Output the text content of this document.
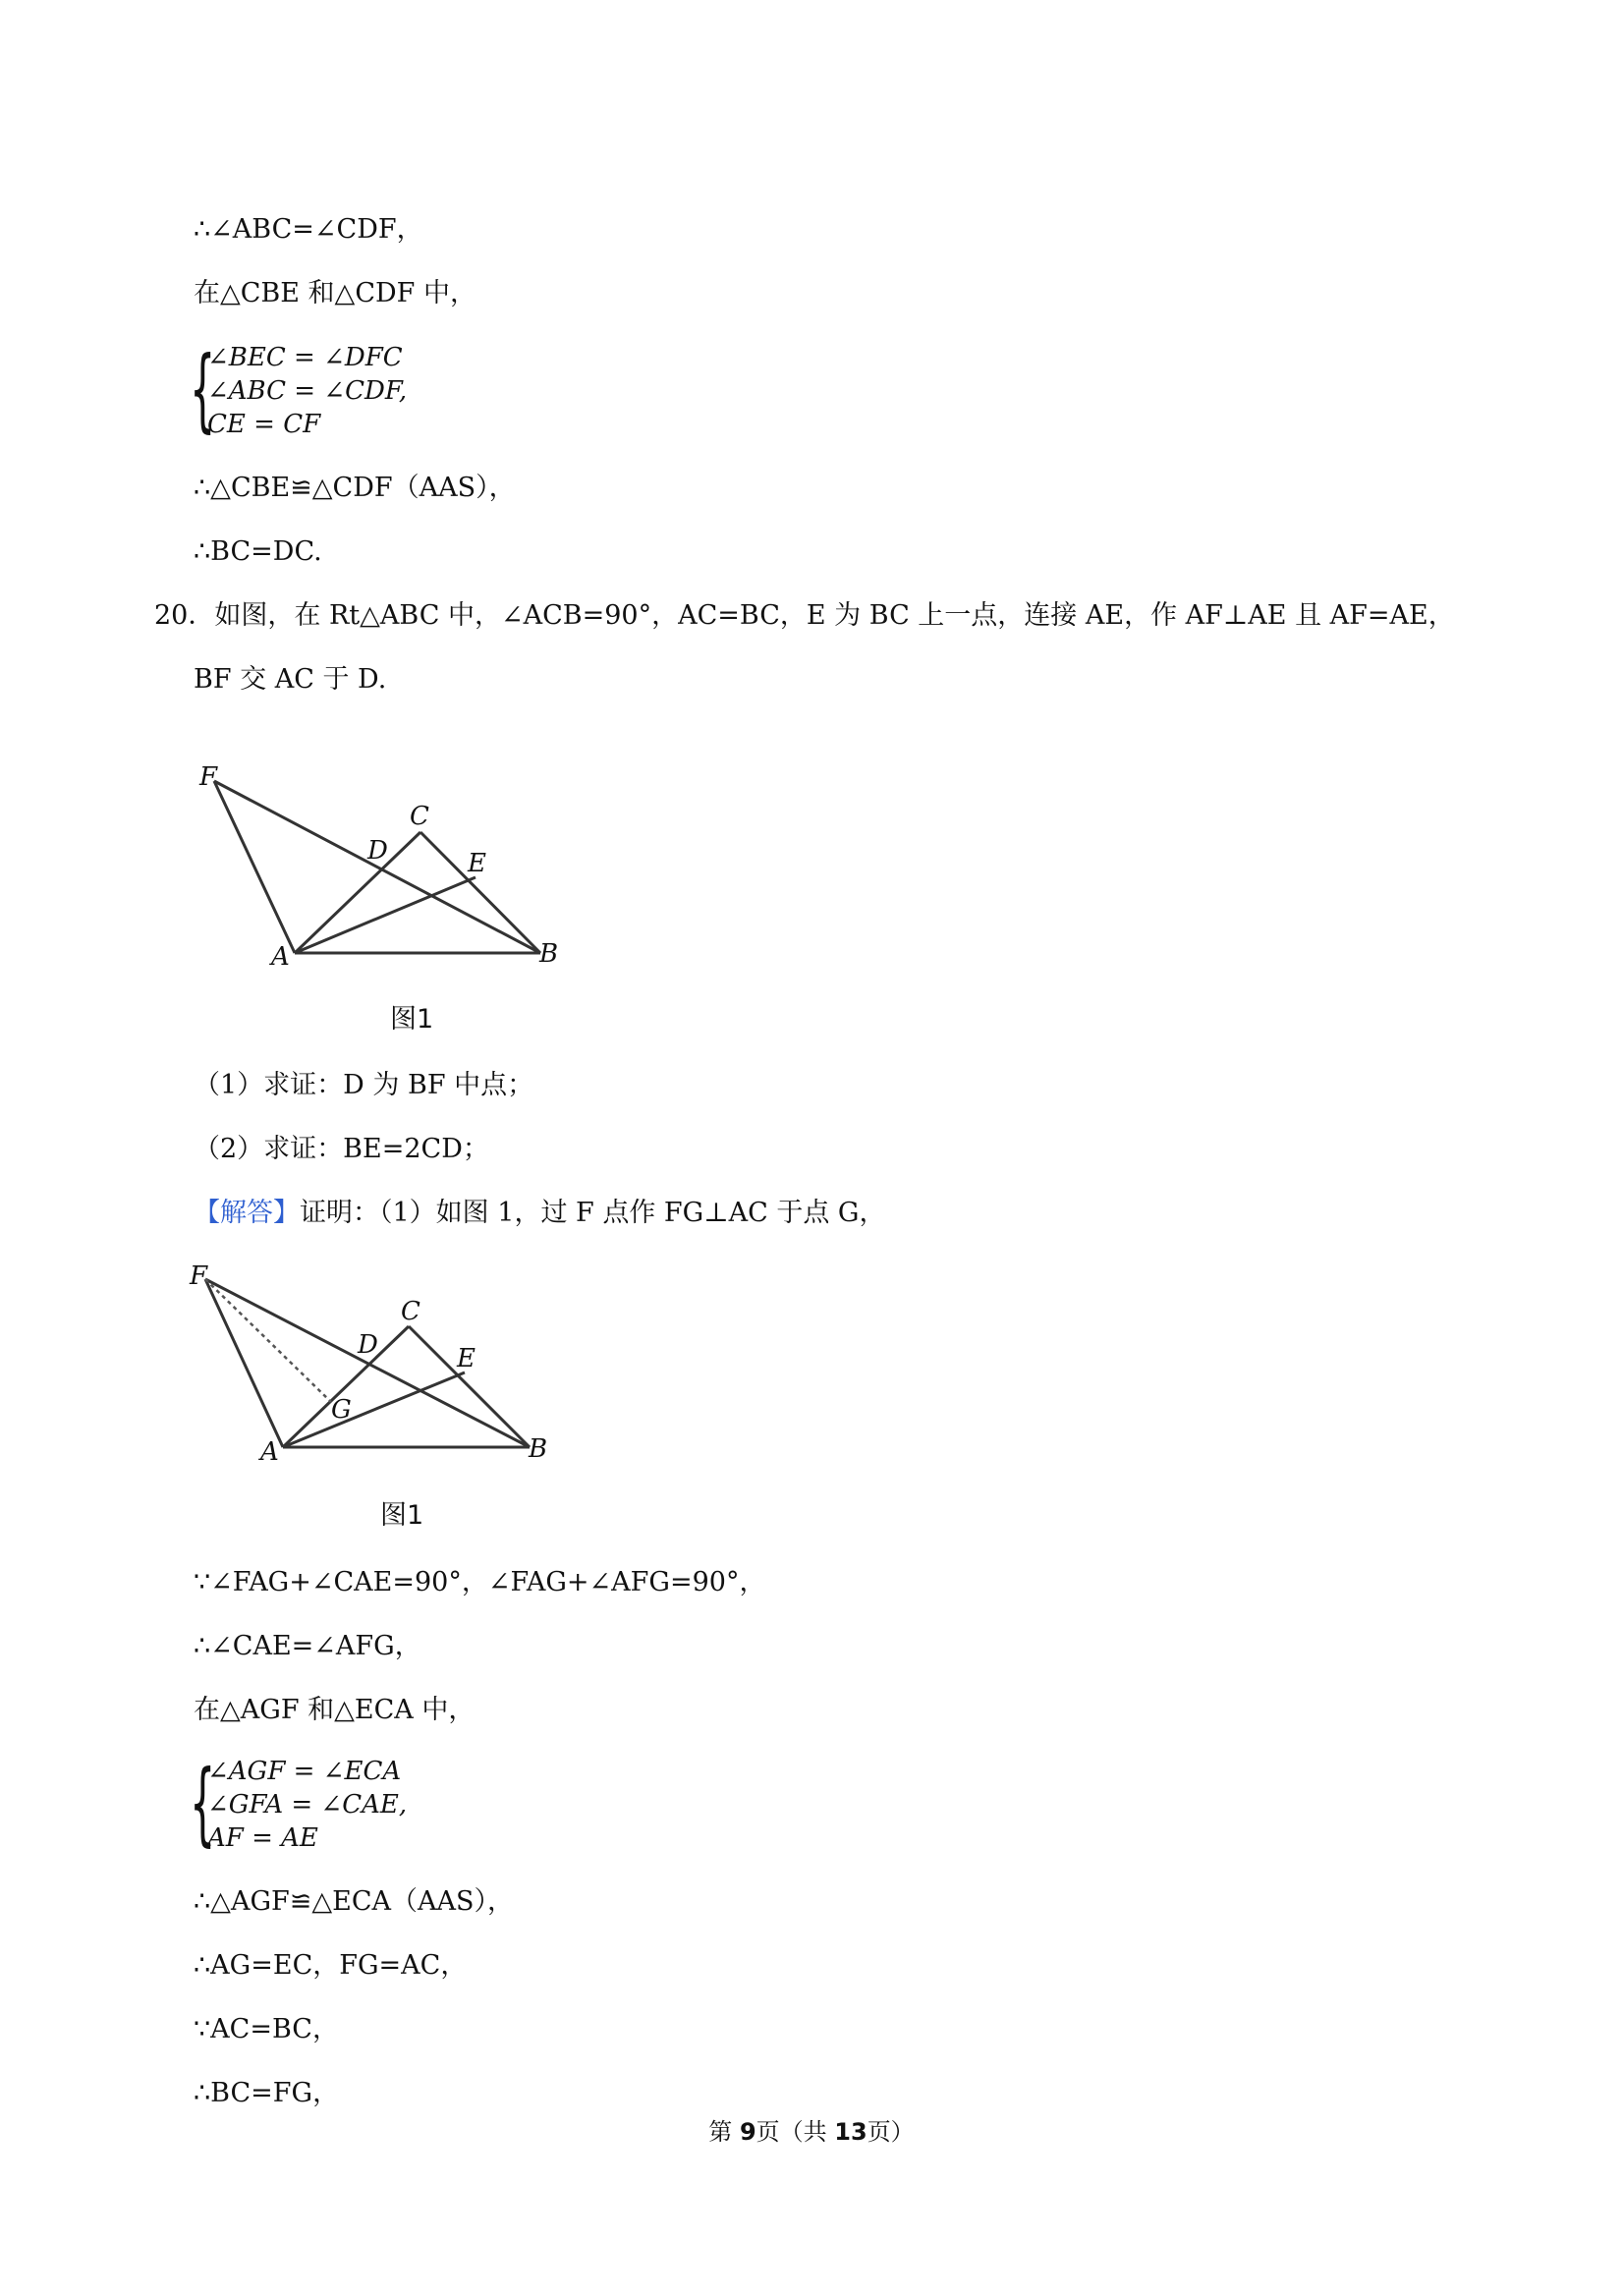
∴∠ABC=∠CDF，
在△CBE 和△CDF 中，
{
∠BEC = ∠DFC
∠ABC = ∠CDF,
CE = CF
∴△CBE≌△CDF（AAS），
∴BC=DC.
20．如图，在 Rt△ABC 中，∠ACB=90°，AC=BC，E 为 BC 上一点，连接 AE，作 AF⊥AE 且 AF=AE，
BF 交 AC 于 D.
F
C
D	E
A	B
图1
（1）求证：D 为 BF 中点；
（2）求证：BE=2CD；
【解答】证明：（1）如图 1，过 F 点作 FG⊥AC 于点 G，
F
C
D	E
G
A	B
图1
∵∠FAG+∠CAE=90°，∠FAG+∠AFG=90°，
∴∠CAE=∠AFG，
在△AGF 和△ECA 中，
{
∠AGF = ∠ECA
∠GFA = ∠CAE,
AF = AE
∴△AGF≌△ECA（AAS），
∴AG=EC，FG=AC，
∵AC=BC，
∴BC=FG，
第 9页（共 13页）
